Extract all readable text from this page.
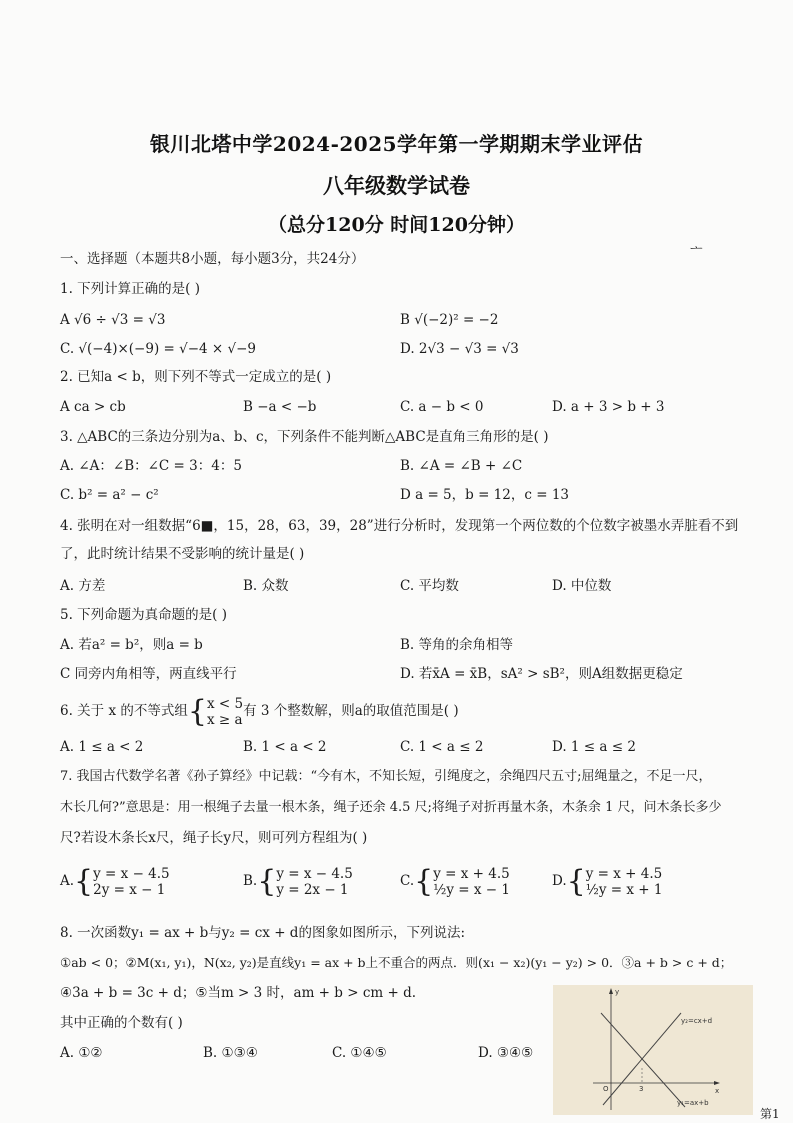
银川北塔中学2024-2025学年第一学期期末学业评估
八年级数学试卷
（总分120分 时间120分钟）
ᅩ
一、选择题（本题共8小题，每小题3分，共24分）
1. 下列计算正确的是( )
A √6 ÷ √3 = √3	B √(−2)² = −2
C. √(−4)×(−9) = √−4 × √−9	D. 2√3 − √3 = √3
2. 已知a < b，则下列不等式一定成立的是( )
A ca > cb	B −a < −b	C. a − b < 0	D. a + 3 > b + 3
3. △ABC的三条边分别为a、b、c，下列条件不能判断△ABC是直角三角形的是( )
A. ∠A：∠B：∠C = 3：4：5	B. ∠A = ∠B + ∠C
C. b² = a² − c²	D a = 5，b = 12，c = 13
4. 张明在对一组数据“6■，15，28，63，39，28”进行分析时，发现第一个两位数的个位数字被墨水弄脏看不到
了，此时统计结果不受影响的统计量是( )
A. 方差	B. 众数	C. 平均数	D. 中位数
5. 下列命题为真命题的是( )
A. 若a² = b²，则a = b	B. 等角的余角相等
C 同旁内角相等，两直线平行	D. 若x̄A = x̄B，sA² > sB²，则A组数据更稳定
6. 关于 x 的不等式组{x < 5
x ≥ a有 3 个整数解，则a的取值范围是( )
A. 1 ≤ a < 2	B. 1 < a < 2	C. 1 < a ≤ 2	D. 1 ≤ a ≤ 2
7. 我国古代数学名著《孙子算经》中记载：“今有木，不知长短，引绳度之，余绳四尺五寸;屈绳量之，不足一尺，
木长几何?”意思是：用一根绳子去量一根木条，绳子还余 4.5 尺;将绳子对折再量木条，木条余 1 尺，问木条长多少
尺?若设木条长x尺，绳子长y尺，则可列方程组为( )
A.{y = x − 4.5
2y = x − 1
B.{y = x − 4.5
y = 2x − 1
C.{y = x + 4.5
½y = x − 1
D.{y = x + 4.5
½y = x + 1
8. 一次函数y₁ = ax + b与y₂ = cx + d的图象如图所示，下列说法:
①ab < 0；②M(x₁, y₁)，N(x₂, y₂)是直线y₁ = ax + b上不重合的两点．则(x₁ − x₂)(y₁ − y₂) > 0．③a + b > c + d；
④3a + b = 3c + d；⑤当m > 3 时，am + b > cm + d.
其中正确的个数有( )
A. ①②	B. ①③④	C. ①④⑤	D. ③④⑤
y
x
O	3
y₂=cx+d
y₁=ax+b
第1
